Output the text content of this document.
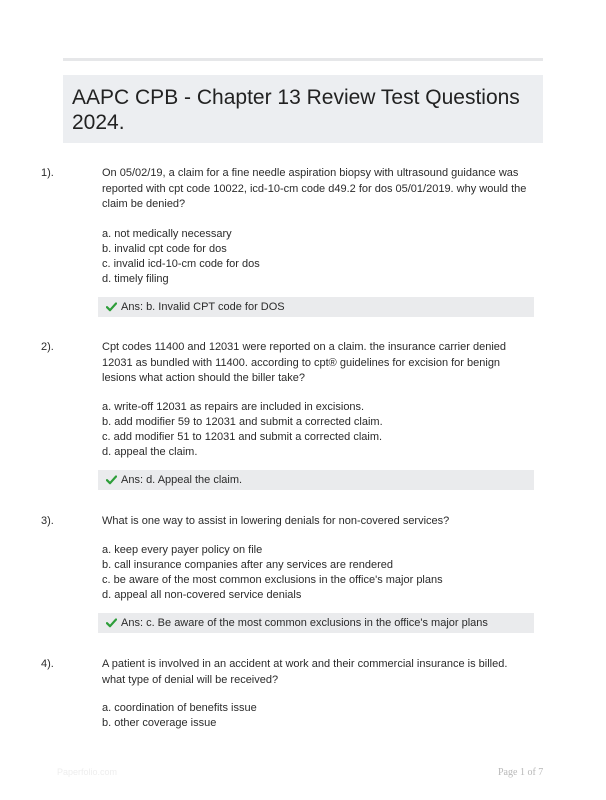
AAPC CPB - Chapter 13 Review Test Questions 2024.
1).	On 05/02/19, a claim for a fine needle aspiration biopsy with ultrasound guidance was reported with cpt code 10022, icd-10-cm code d49.2 for dos 05/01/2019. why would the claim be denied?
a. not medically necessary
b. invalid cpt code for dos
c. invalid icd-10-cm code for dos
d. timely filing
Ans: b. Invalid CPT code for DOS
2).	Cpt codes 11400 and 12031 were reported on a claim. the insurance carrier denied 12031 as bundled with 11400. according to cpt® guidelines for excision for benign lesions what action should the biller take?
a. write-off 12031 as repairs are included in excisions.
b. add modifier 59 to 12031 and submit a corrected claim.
c. add modifier 51 to 12031 and submit a corrected claim.
d. appeal the claim.
Ans: d. Appeal the claim.
3).	What is one way to assist in lowering denials for non-covered services?
a. keep every payer policy on file
b. call insurance companies after any services are rendered
c. be aware of the most common exclusions in the office's major plans
d. appeal all non-covered service denials
Ans: c. Be aware of the most common exclusions in the office's major plans
4).	A patient is involved in an accident at work and their commercial insurance is billed. what type of denial will be received?
a. coordination of benefits issue
b. other coverage issue
Paperfolio.com	Page 1 of 7
